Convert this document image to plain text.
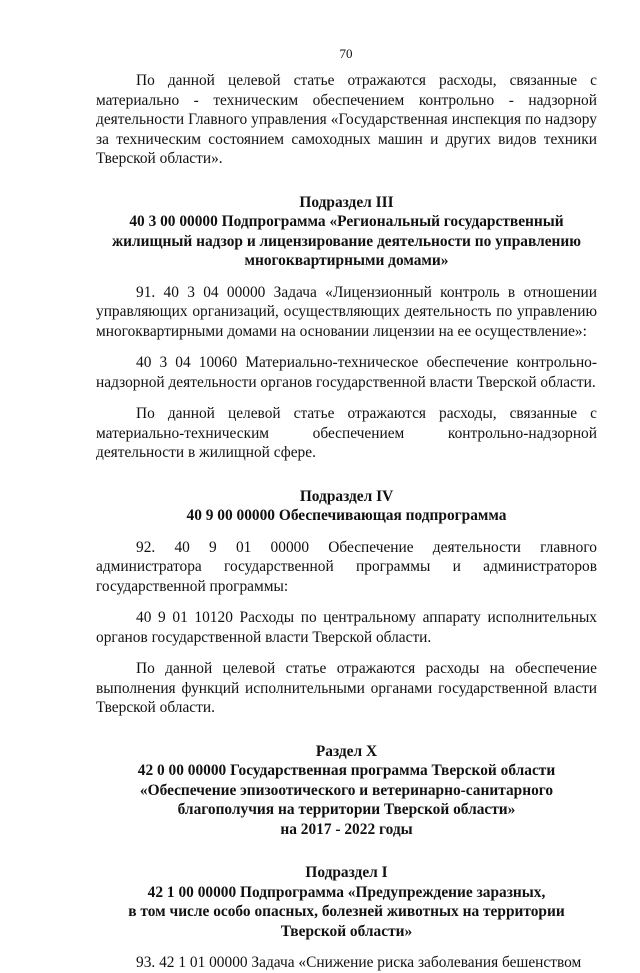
70

По данной целевой статье отражаются расходы, связанные с материально - техническим обеспечением контрольно - надзорной деятельности Главного управления «Государственная инспекция по надзору за техническим состоянием самоходных машин и других видов техники Тверской области».

Подраздел III
40 3 00 00000 Подпрограмма «Региональный государственный
жилищный надзор и лицензирование деятельности по управлению
многоквартирными домами»

91. 40 3 04 00000 Задача «Лицензионный контроль в отношении управляющих организаций, осуществляющих деятельность по управлению многоквартирными домами на основании лицензии на ее осуществление»:

40 3 04 10060 Материально-техническое обеспечение контрольно-надзорной деятельности органов государственной власти Тверской области.

По данной целевой статье отражаются расходы, связанные с материально-техническим обеспечением контрольно-надзорной деятельности в жилищной сфере.

Подраздел IV
40 9 00 00000 Обеспечивающая подпрограмма

92. 40 9 01 00000 Обеспечение деятельности главного администратора государственной программы и администраторов государственной программы:

40 9 01 10120 Расходы по центральному аппарату исполнительных органов государственной власти Тверской области.

По данной целевой статье отражаются расходы на обеспечение выполнения функций исполнительными органами государственной власти Тверской области.

Раздел X
42 0 00 00000 Государственная программа Тверской области
«Обеспечение эпизоотического и ветеринарно-санитарного
благополучия на территории Тверской области»
на 2017 - 2022 годы
Подраздел I
42 1 00 00000 Подпрограмма «Предупреждение заразных,
в том числе особо опасных, болезней животных на территории
Тверской области»

93. 42 1 01 00000 Задача «Снижение риска заболевания бешенством
